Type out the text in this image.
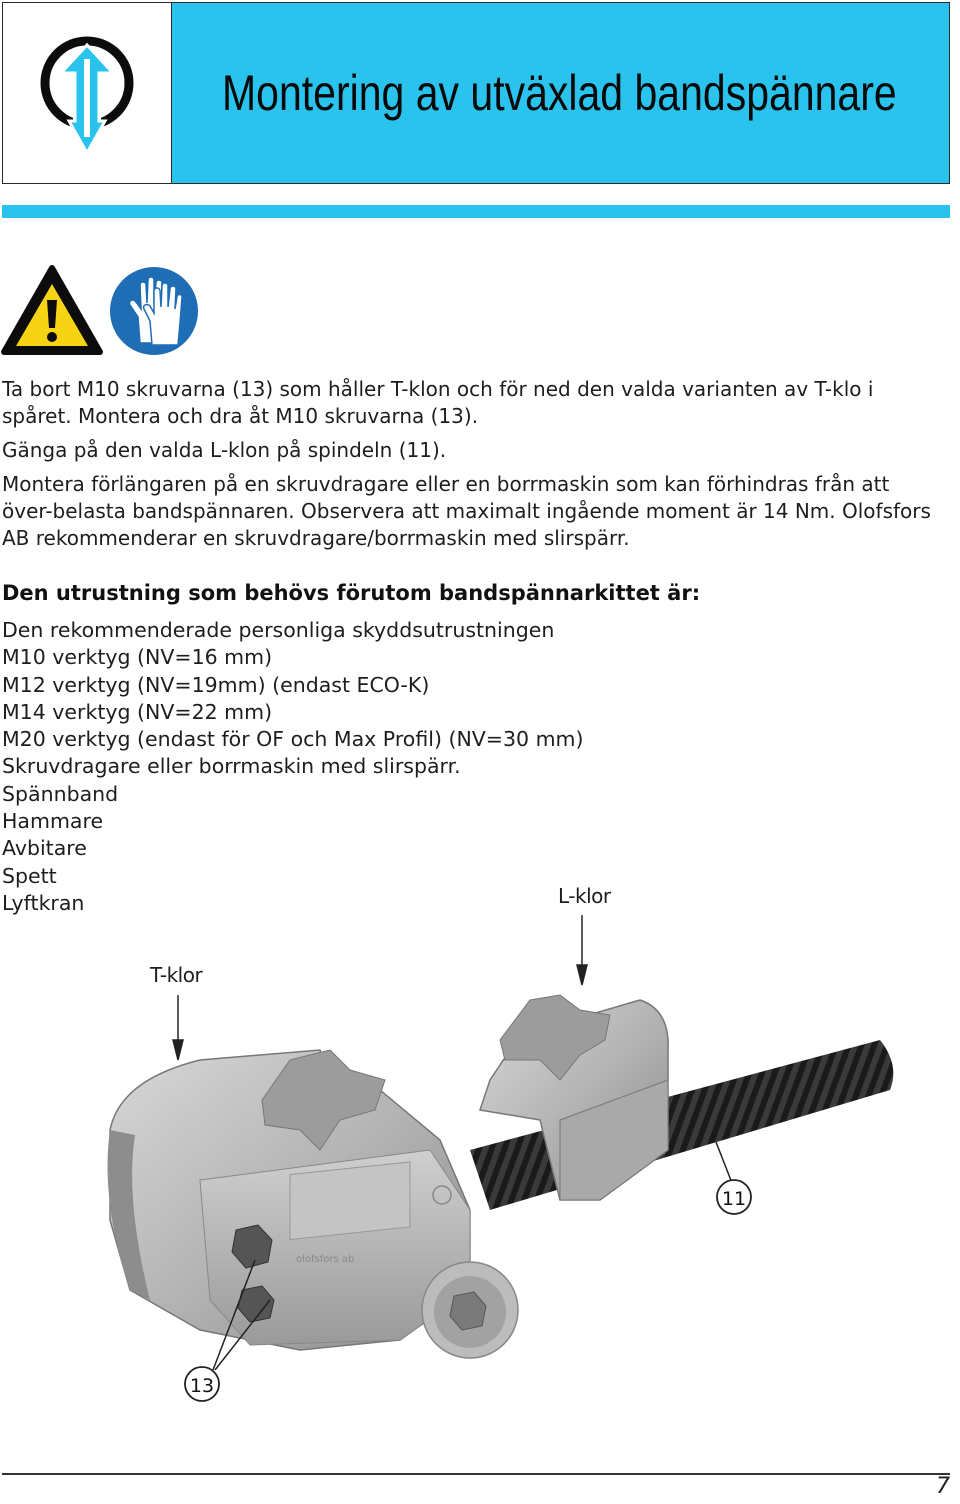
Montering av utväxlad bandspännare

Ta bort M10 skruvarna (13) som håller T-klon och för ned den valda varianten av T-klo i spåret. Montera och dra åt M10 skruvarna (13).

Gänga på den valda L-klon på spindeln (11).

Montera förlängaren på en skruvdragare eller en borrmaskin som kan förhindras från att över-belasta bandspännaren. Observera att maximalt ingående moment är 14 Nm. Olofsfors AB rekommenderar en skruvdragare/borrmaskin med slirspärr.

Den utrustning som behövs förutom bandspännarkittet är:
Den rekommenderade personliga skyddsutrustningen
M10 verktyg (NV=16 mm)
M12 verktyg (NV=19mm) (endast ECO-K)
M14 verktyg (NV=22 mm)
M20 verktyg (endast för OF och Max Profil) (NV=30 mm)
Skruvdragare eller borrmaskin med slirspärr.
Spännband
Hammare
Avbitare
Spett
Lyftkran	L-klor
T-klor
olofsfors ab
11
13
7
